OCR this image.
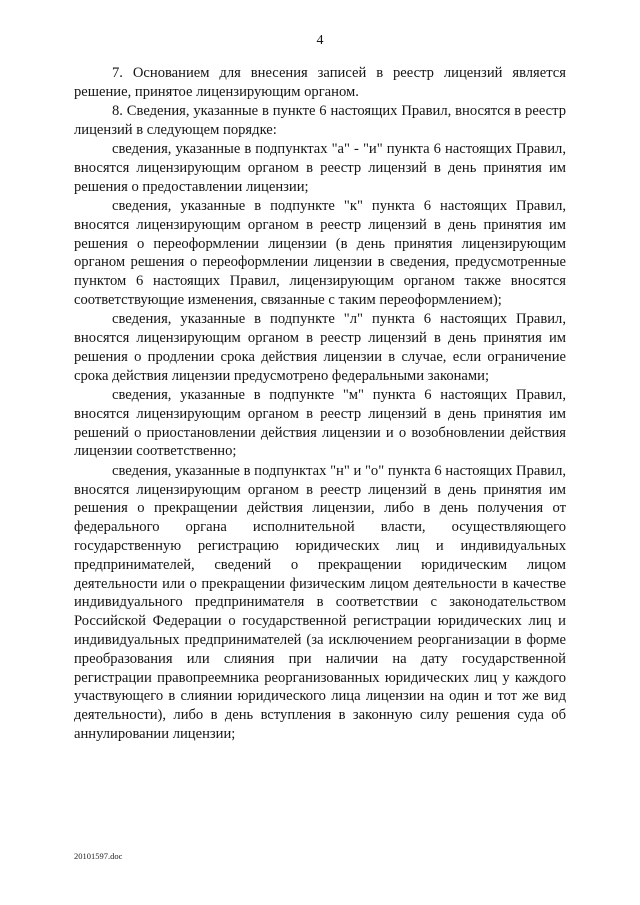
4

7. Основанием для внесения записей в реестр лицензий является решение, принятое лицензирующим органом.

8. Сведения, указанные в пункте 6 настоящих Правил, вносятся в реестр лицензий в следующем порядке:

сведения, указанные в подпунктах "а" - "и" пункта 6 настоящих Правил, вносятся лицензирующим органом в реестр лицензий в день принятия им решения о предоставлении лицензии;

сведения, указанные в подпункте "к" пункта 6 настоящих Правил, вносятся лицензирующим органом в реестр лицензий в день принятия им решения о переоформлении лицензии (в день принятия лицензирующим органом решения о переоформлении лицензии в сведения, предусмотренные пунктом 6 настоящих Правил, лицензирующим органом также вносятся соответствующие изменения, связанные с таким переоформлением);

сведения, указанные в подпункте "л" пункта 6 настоящих Правил, вносятся лицензирующим органом в реестр лицензий в день принятия им решения о продлении срока действия лицензии в случае, если ограничение срока действия лицензии предусмотрено федеральными законами;

сведения, указанные в подпункте "м" пункта 6 настоящих Правил, вносятся лицензирующим органом в реестр лицензий в день принятия им решений о приостановлении действия лицензии и о возобновлении действия лицензии соответственно;

сведения, указанные в подпунктах "н" и "о" пункта 6 настоящих Правил, вносятся лицензирующим органом в реестр лицензий в день принятия им решения о прекращении действия лицензии, либо в день получения от федерального органа исполнительной власти, осуществляющего государственную регистрацию юридических лиц и индивидуальных предпринимателей, сведений о прекращении юридическим лицом деятельности или о прекращении физическим лицом деятельности в качестве индивидуального предпринимателя в соответствии с законодательством Российской Федерации о государственной регистрации юридических лиц и индивидуальных предпринимателей (за исключением реорганизации в форме преобразования или слияния при наличии на дату государственной регистрации правопреемника реорганизованных юридических лиц у каждого участвующего в слиянии юридического лица лицензии на один и тот же вид деятельности), либо в день вступления в законную силу решения суда об аннулировании лицензии;

20101597.doc
